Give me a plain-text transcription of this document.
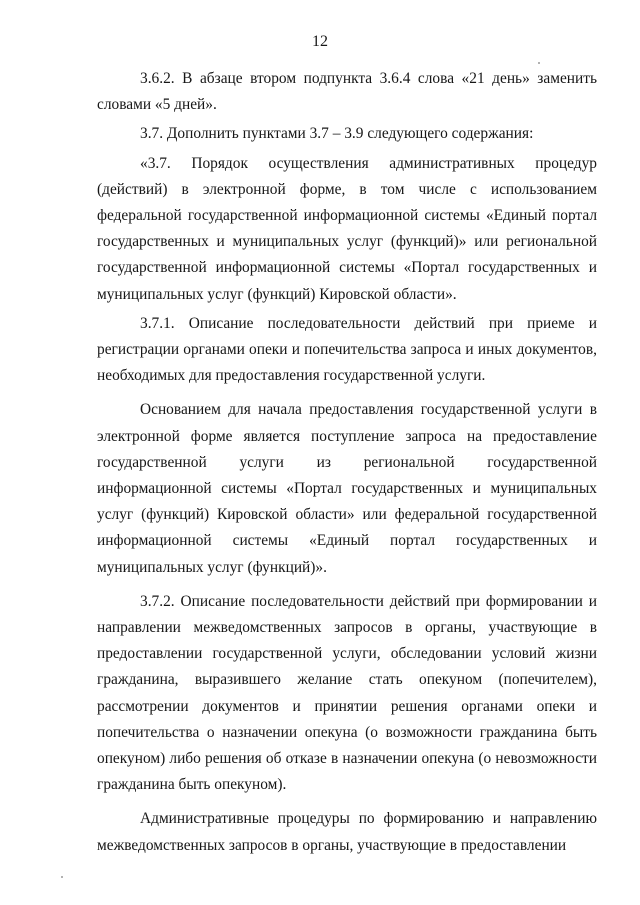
12

3.6.2. В абзаце втором подпункта 3.6.4 слова «21 день» заменить словами «5 дней».

3.7. Дополнить пунктами 3.7 – 3.9 следующего содержания:

«3.7. Порядок осуществления административных процедур (действий) в электронной форме, в том числе с использованием федеральной государственной информационной системы «Единый портал государственных и муниципальных услуг (функций)» или региональной государственной информационной системы «Портал государственных и муниципальных услуг (функций) Кировской области».

3.7.1. Описание последовательности действий при приеме и регистрации органами опеки и попечительства запроса и иных документов, необходимых для предоставления государственной услуги.

Основанием для начала предоставления государственной услуги в электронной форме является поступление запроса на предоставление государственной услуги из региональной государственной информационной системы «Портал государственных и муниципальных услуг (функций) Кировской области» или федеральной государственной информационной системы «Единый портал государственных и муниципальных услуг (функций)».

3.7.2. Описание последовательности действий при формировании и направлении межведомственных запросов в органы, участвующие в предоставлении государственной услуги, обследовании условий жизни гражданина, выразившего желание стать опекуном (попечителем), рассмотрении документов и принятии решения органами опеки и попечительства о назначении опекуна (о возможности гражданина быть опекуном) либо решения об отказе в назначении опекуна (о невозможности гражданина быть опекуном).

Административные процедуры по формированию и направлению межведомственных запросов в органы, участвующие в предоставлении
